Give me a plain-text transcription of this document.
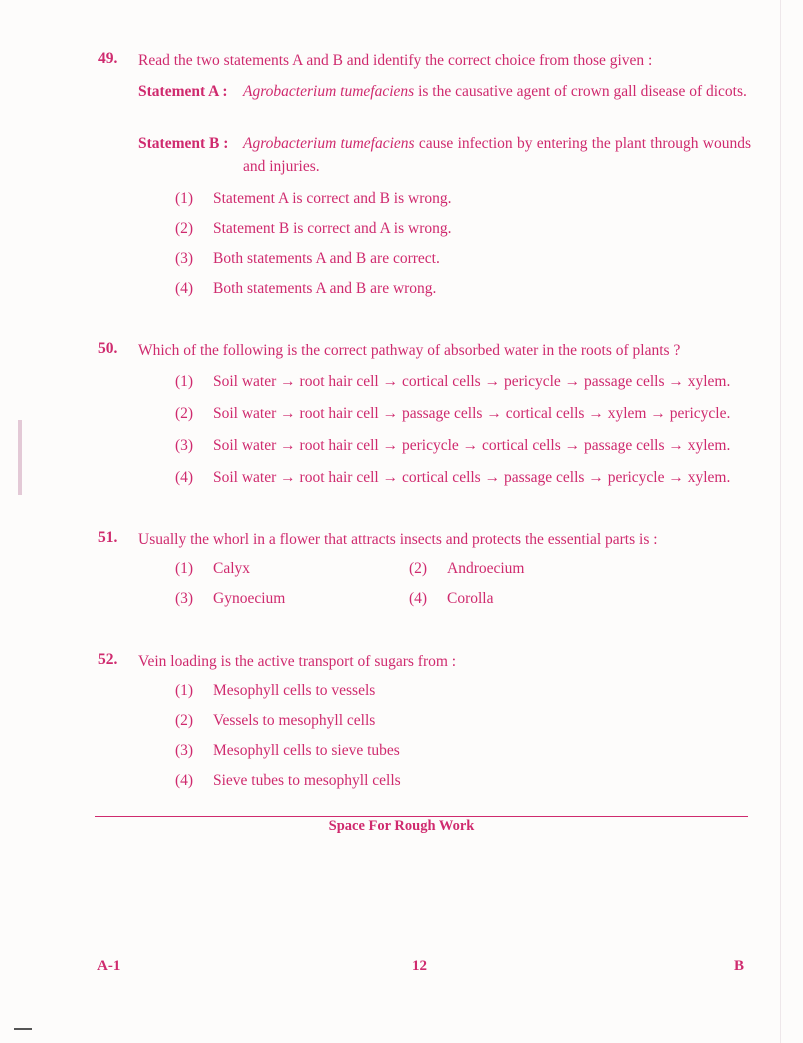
49.	Read the two statements A and B and identify the correct choice from those given :
Statement A : Agrobacterium tumefaciens is the causative agent of crown gall disease of dicots.
Statement B : Agrobacterium tumefaciens cause infection by entering the plant through wounds and injuries.
(1) Statement A is correct and B is wrong.
(2) Statement B is correct and A is wrong.
(3) Both statements A and B are correct.
(4) Both statements A and B are wrong.
50.	Which of the following is the correct pathway of absorbed water in the roots of plants ?
(1) Soil water → root hair cell → cortical cells → pericycle → passage cells → xylem.
(2) Soil water → root hair cell → passage cells → cortical cells → xylem → pericycle.
(3) Soil water → root hair cell → pericycle → cortical cells → passage cells → xylem.
(4) Soil water → root hair cell → cortical cells → passage cells → pericycle → xylem.
51.	Usually the whorl in a flower that attracts insects and protects the essential parts is :
(1) Calyx	(2) Androecium
(3) Gynoecium	(4) Corolla
52.	Vein loading is the active transport of sugars from :
(1) Mesophyll cells to vessels
(2) Vessels to mesophyll cells
(3) Mesophyll cells to sieve tubes
(4) Sieve tubes to mesophyll cells
Space For Rough Work
A-1	12	B
